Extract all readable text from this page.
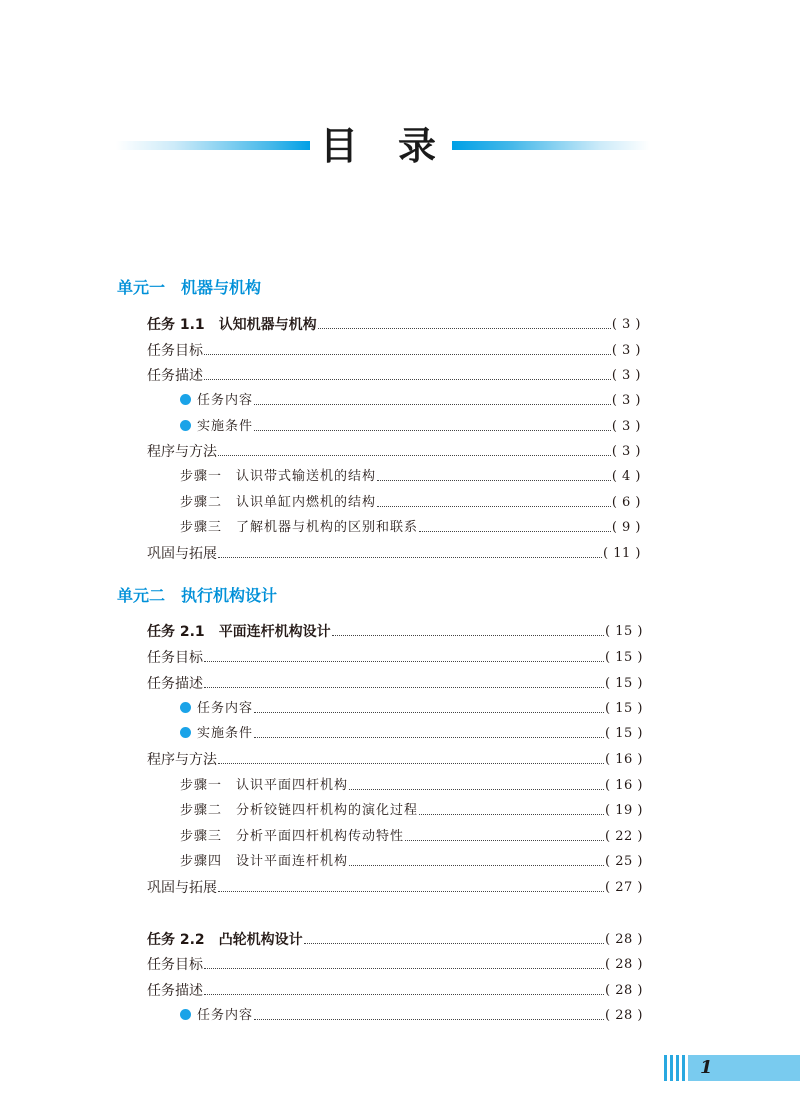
目 录
单元一 机器与机构
单元二 执行机构设计
任务 1.1 认知机器与机构	( 3 )
任务目标	( 3 )
任务描述	( 3 )
任务内容	( 3 )
实施条件	( 3 )
程序与方法	( 3 )
步骤一 认识带式输送机的结构	( 4 )
步骤二 认识单缸内燃机的结构	( 6 )
步骤三 了解机器与机构的区别和联系	( 9 )
巩固与拓展	( 11 )
任务 2.1 平面连杆机构设计	( 15 )
任务目标	( 15 )
任务描述	( 15 )
任务内容	( 15 )
实施条件	( 15 )
程序与方法	( 16 )
步骤一 认识平面四杆机构	( 16 )
步骤二 分析铰链四杆机构的演化过程	( 19 )
步骤三 分析平面四杆机构传动特性	( 22 )
步骤四 设计平面连杆机构	( 25 )
巩固与拓展	( 27 )
任务 2.2 凸轮机构设计	( 28 )
任务目标	( 28 )
任务描述	( 28 )
任务内容	( 28 )
1
